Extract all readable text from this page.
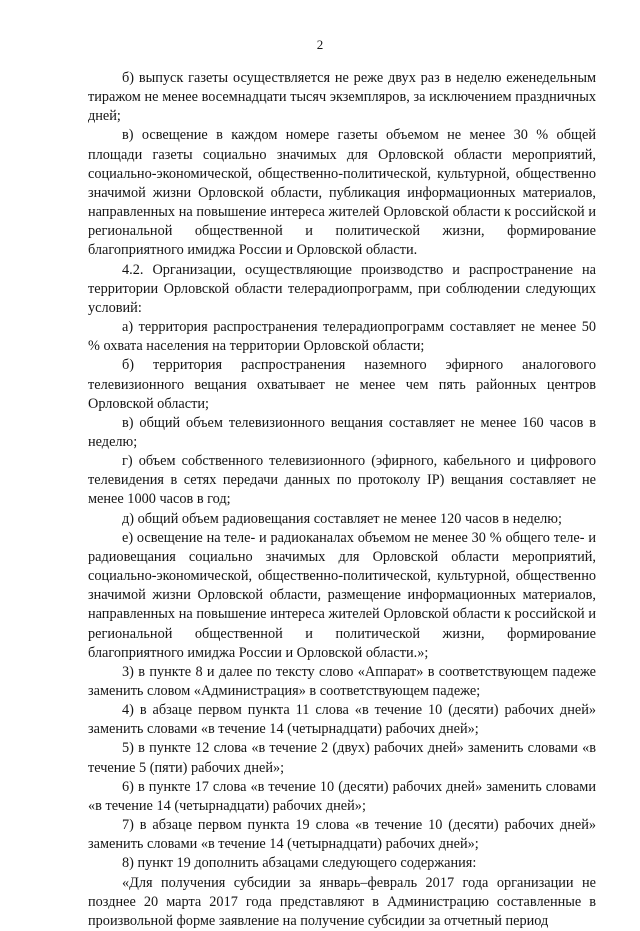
2

б) выпуск газеты осуществляется не реже двух раз в неделю еженедельным тиражом не менее восемнадцати тысяч экземпляров, за исключением праздничных дней;

в) освещение в каждом номере газеты объемом не менее 30 % общей площади газеты социально значимых для Орловской области мероприятий, социально-экономической, общественно-политической, культурной, общественно значимой жизни Орловской области, публикация информационных материалов, направленных на повышение интереса жителей Орловской области к российской и региональной общественной и политической жизни, формирование благоприятного имиджа России и Орловской области.

4.2. Организации, осуществляющие производство и распространение на территории Орловской области телерадиопрограмм, при соблюдении следующих условий:

а) территория распространения телерадиопрограмм составляет не менее 50 % охвата населения на территории Орловской области;

б) территория распространения наземного эфирного аналогового телевизионного вещания охватывает не менее чем пять районных центров Орловской области;

в) общий объем телевизионного вещания составляет не менее 160 часов в неделю;

г) объем собственного телевизионного (эфирного, кабельного и цифрового телевидения в сетях передачи данных по протоколу IP) вещания составляет не менее 1000 часов в год;

д) общий объем радиовещания составляет не менее 120 часов в неделю;

е) освещение на теле- и радиоканалах объемом не менее 30 % общего теле- и радиовещания социально значимых для Орловской области мероприятий, социально-экономической, общественно-политической, культурной, общественно значимой жизни Орловской области, размещение информационных материалов, направленных на повышение интереса жителей Орловской области к российской и региональной общественной и политической жизни, формирование благоприятного имиджа России и Орловской области.»;

3) в пункте 8 и далее по тексту слово «Аппарат» в соответствующем падеже заменить словом «Администрация» в соответствующем падеже;

4) в абзаце первом пункта 11 слова «в течение 10 (десяти) рабочих дней» заменить словами «в течение 14 (четырнадцати) рабочих дней»;

5) в пункте 12 слова «в течение 2 (двух) рабочих дней» заменить словами «в течение 5 (пяти) рабочих дней»;

6) в пункте 17 слова «в течение 10 (десяти) рабочих дней» заменить словами «в течение 14 (четырнадцати) рабочих дней»;

7) в абзаце первом пункта 19 слова «в течение 10 (десяти) рабочих дней» заменить словами «в течение 14 (четырнадцати) рабочих дней»;

8) пункт 19 дополнить абзацами следующего содержания:

«Для получения субсидии за январь–февраль 2017 года организации не позднее 20 марта 2017 года представляют в Администрацию составленные в произвольной форме заявление на получение субсидии за отчетный период
